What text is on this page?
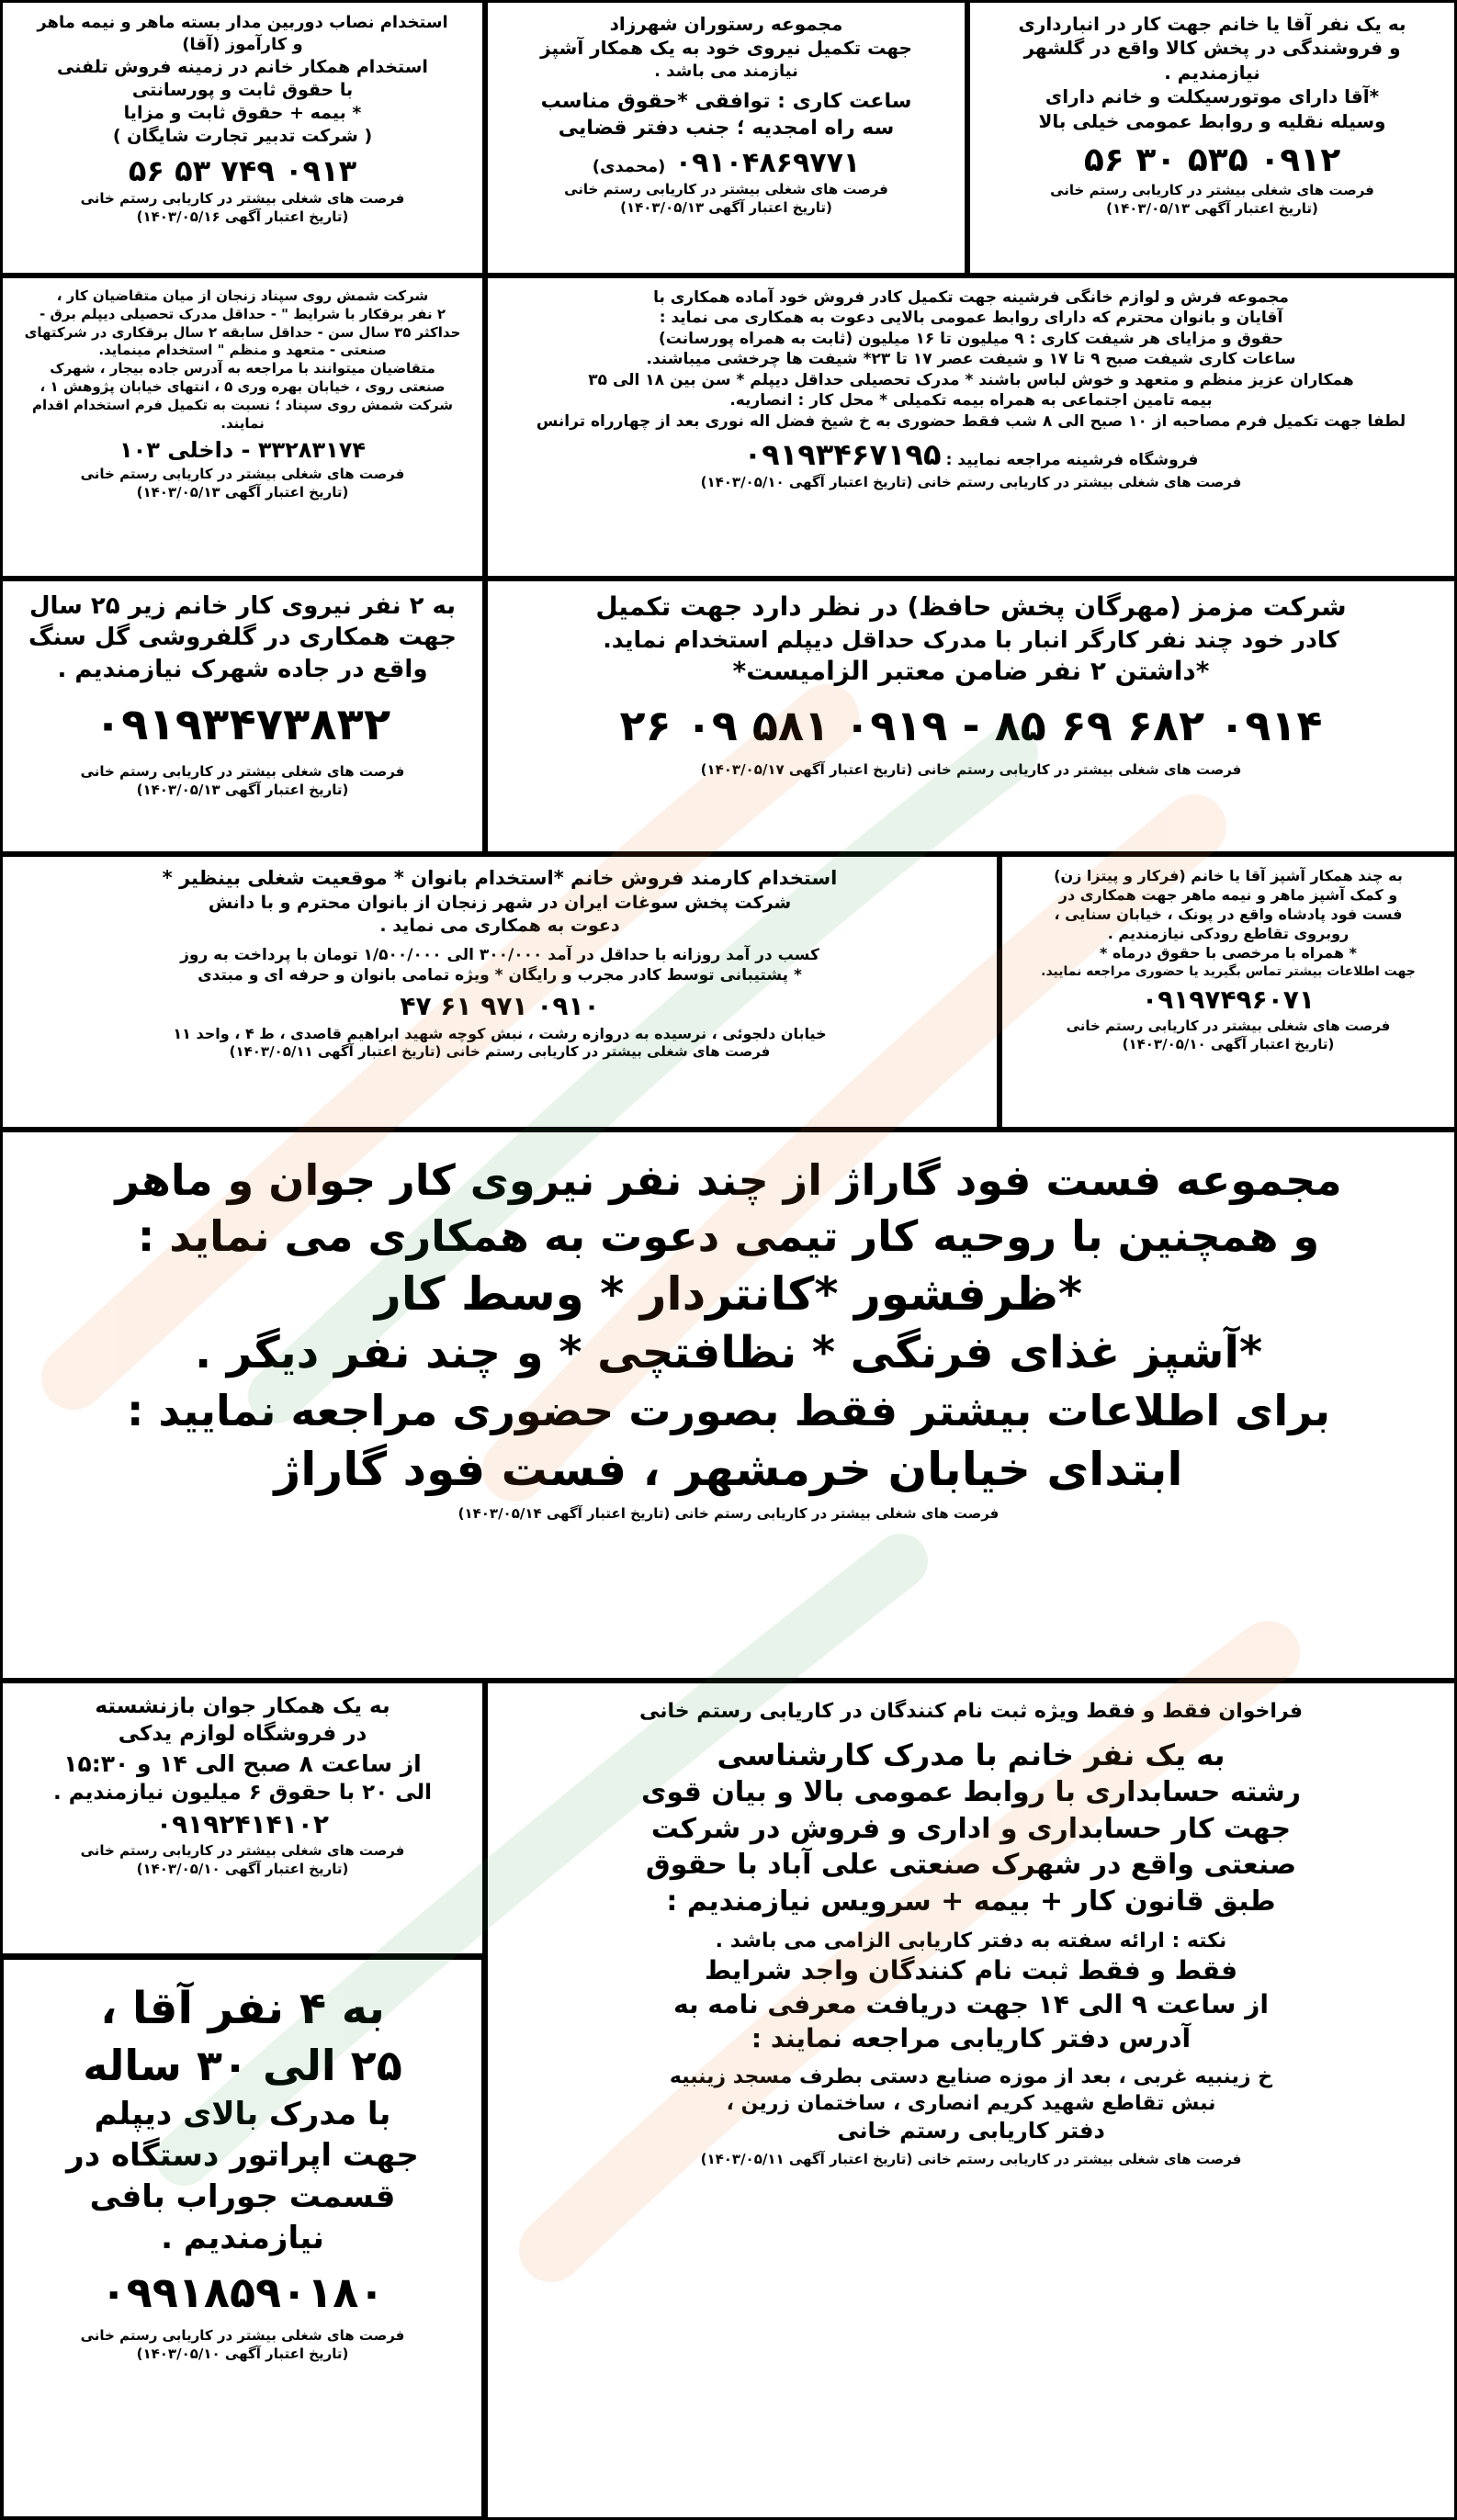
به یک نفر آقا یا خانم جهت کار در انبارداری

و فروشندگی در پخش کالا واقع در گلشهر

نیازمندیم .

*آقا دارای موتورسیکلت و خانم دارای

وسیله نقلیه و روابط عمومی خیلی بالا

۰۹۱۲ ۵۳۵ ۳۰ ۵۶

فرصت های شغلی بیشتر در کاریابی رستم خانی

(تاریخ اعتبار آگهی ۱۴۰۳/۰۵/۱۳)

مجموعه رستوران شهرزاد

جهت تکمیل نیروی خود به یک همکار آشپز

نیازمند می باشد .

ساعت کاری : توافقی *حقوق مناسب

سه راه امجدیه ؛ جنب دفتر قضایی

۰۹۱۰۴۸۶۹۷۷۱ (محمدی)

فرصت های شغلی بیشتر در کاریابی رستم خانی

(تاریخ اعتبار آگهی ۱۴۰۳/۰۵/۱۳)

استخدام نصاب دوربین مدار بسته ماهر و نیمه ماهر

و کارآموز (آقا)

استخدام همکار خانم در زمینه فروش تلفنی

با حقوق ثابت و پورسانتی

* بیمه + حقوق ثابت و مزایا

( شرکت تدبیر تجارت شایگان )

۰۹۱۳ ۷۴۹ ۵۳ ۵۶

فرصت های شغلی بیشتر در کاریابی رستم خانی

(تاریخ اعتبار آگهی ۱۴۰۳/۰۵/۱۶)

مجموعه فرش و لوازم خانگی فرشینه جهت تکمیل کادر فروش خود آماده همکاری با

آقایان و بانوان محترم که دارای روابط عمومی بالایی دعوت به همکاری می نماید :

حقوق و مزایای هر شیفت کاری : ۹ میلیون تا ۱۶ میلیون (ثابت به همراه پورسانت)

ساعات کاری شیفت صبح ۹ تا ۱۷ و شیفت عصر ۱۷ تا ۲۳* شیفت ها چرخشی میباشند.

همکاران عزیز منظم و متعهد و خوش لباس باشند * مدرک تحصیلی حداقل دیپلم * سن بین ۱۸ الی ۳۵

بیمه تامین اجتماعی به همراه بیمه تکمیلی * محل کار : انصاریه.

لطفا جهت تکمیل فرم مصاحبه از ۱۰ صبح الی ۸ شب فقط حضوری به خ شیخ فضل اله نوری بعد از چهارراه ترانس

فروشگاه فرشینه مراجعه نمایید : ۰۹۱۹۳۴۶۷۱۹۵

فرصت های شغلی بیشتر در کاریابی رستم خانی (تاریخ اعتبار آگهی ۱۴۰۳/۰۵/۱۰)

شرکت شمش روی سپناد زنجان از میان متقاضیان کار ،

۲ نفر برقکار با شرایط " - حداقل مدرک تحصیلی دیپلم برق -

حداکثر ۳۵ سال سن - حداقل سابقه ۲ سال برقکاری در شرکتهای

صنعتی - متعهد و منظم " استخدام مینماید.

متقاضیان میتوانند با مراجعه به آدرس جاده بیجار ، شهرک

صنعتی روی ، خیابان بهره وری ۵ ، انتهای خیابان پژوهش ۱ ،

شرکت شمش روی سپناد ؛ نسبت به تکمیل فرم استخدام اقدام

نمایند.

۳۳۲۸۳۱۷۴ - داخلی ۱۰۳

فرصت های شغلی بیشتر در کاریابی رستم خانی

(تاریخ اعتبار آگهی ۱۴۰۳/۰۵/۱۳)

شرکت مزمز (مهرگان پخش حافظ) در نظر دارد جهت تکمیل

کادر خود چند نفر کارگر انبار با مدرک حداقل دیپلم استخدام نماید.

*داشتن ۲ نفر ضامن معتبر الزامیست*

۰۹۱۴ ۶۸۲ ۶۹ ۸۵ - ۰۹۱۹ ۵۸۱ ۰۹ ۲۶

فرصت های شغلی بیشتر در کاریابی رستم خانی (تاریخ اعتبار آگهی ۱۴۰۳/۰۵/۱۷)

به ۲ نفر نیروی کار خانم زیر ۲۵ سال

جهت همکاری در گلفروشی گل سنگ

واقع در جاده شهرک نیازمندیم .

۰۹۱۹۳۴۷۳۸۳۲

فرصت های شغلی بیشتر در کاریابی رستم خانی

(تاریخ اعتبار آگهی ۱۴۰۳/۰۵/۱۳)

به چند همکار آشپز آقا یا خانم (فرکار و پیتزا زن)

و کمک آشپز ماهر و نیمه ماهر جهت همکاری در

فست فود پادشاه واقع در پونک ، خیابان سنایی ،

روبروی تقاطع رودکی نیازمندیم .

* همراه با مرخصی با حقوق درماه *

جهت اطلاعات بیشتر تماس بگیرید یا حضوری مراجعه نمایید.

۰۹۱۹۷۴۹۶۰۷۱

فرصت های شغلی بیشتر در کاریابی رستم خانی

(تاریخ اعتبار آگهی ۱۴۰۳/۰۵/۱۰)

استخدام کارمند فروش خانم *استخدام بانوان * موقعیت شغلی بینظیر *

شرکت پخش سوغات ایران در شهر زنجان از بانوان محترم و با دانش

دعوت به همکاری می نماید .

کسب در آمد روزانه با حداقل در آمد ۳۰۰/۰۰۰ الی ۱/۵۰۰/۰۰۰ تومان با پرداخت به روز

* پشتیبانی توسط کادر مجرب و رایگان * ویژه تمامی بانوان و حرفه ای و مبتدی

۰۹۱۰ ۹۷۱ ۶۱ ۴۷

خیابان دلجوئی ، نرسیده به دروازه رشت ، نبش کوچه شهید ابراهیم قاصدی ، ط ۴ ، واحد ۱۱

فرصت های شغلی بیشتر در کاریابی رستم خانی (تاریخ اعتبار آگهی ۱۴۰۳/۰۵/۱۱)

مجموعه فست فود گاراژ از چند نفر نیروی کار جوان و ماهر

و همچنین با روحیه کار تیمی دعوت به همکاری می نماید :

*ظرفشور *کانتردار * وسط کار

*آشپز غذای فرنگی * نظافتچی * و چند نفر دیگر .

برای اطلاعات بیشتر فقط بصورت حضوری مراجعه نمایید :

ابتدای خیابان خرمشهر ، فست فود گاراژ

فرصت های شغلی بیشتر در کاریابی رستم خانی (تاریخ اعتبار آگهی ۱۴۰۳/۰۵/۱۴)

فراخوان فقط و فقط ویژه ثبت نام کنندگان در کاریابی رستم خانی

به یک نفر خانم با مدرک کارشناسی

رشته حسابداری با روابط عمومی بالا و بیان قوی

جهت کار حسابداری و اداری و فروش در شرکت

صنعتی واقع در شهرک صنعتی علی آباد با حقوق

طبق قانون کار + بیمه + سرویس نیازمندیم :

نکته : ارائه سفته به دفتر کاریابی الزامی می باشد .

فقط و فقط ثبت نام کنندگان واجد شرایط

از ساعت ۹ الی ۱۴ جهت دریافت معرفی نامه به

آدرس دفتر کاریابی مراجعه نمایند :

خ زینبیه غربی ، بعد از موزه صنایع دستی بطرف مسجد زینبیه

نبش تقاطع شهید کریم انصاری ، ساختمان زرین ،

دفتر کاریابی رستم خانی

فرصت های شغلی بیشتر در کاریابی رستم خانی (تاریخ اعتبار آگهی ۱۴۰۳/۰۵/۱۱)

به یک همکار جوان بازنشسته

در فروشگاه لوازم یدکی

از ساعت ۸ صبح الی ۱۴ و ۱۵:۳۰

الی ۲۰ با حقوق ۶ میلیون نیازمندیم .

۰۹۱۹۲۴۱۴۱۰۲

فرصت های شغلی بیشتر در کاریابی رستم خانی

(تاریخ اعتبار آگهی ۱۴۰۳/۰۵/۱۰)

به ۴ نفر آقا ،

۲۵ الی ۳۰ ساله

با مدرک بالای دیپلم

جهت اپراتور دستگاه در

قسمت جوراب بافی

نیازمندیم .

۰۹۹۱۸۵۹۰۱۸۰

فرصت های شغلی بیشتر در کاریابی رستم خانی

(تاریخ اعتبار آگهی ۱۴۰۳/۰۵/۱۰)
